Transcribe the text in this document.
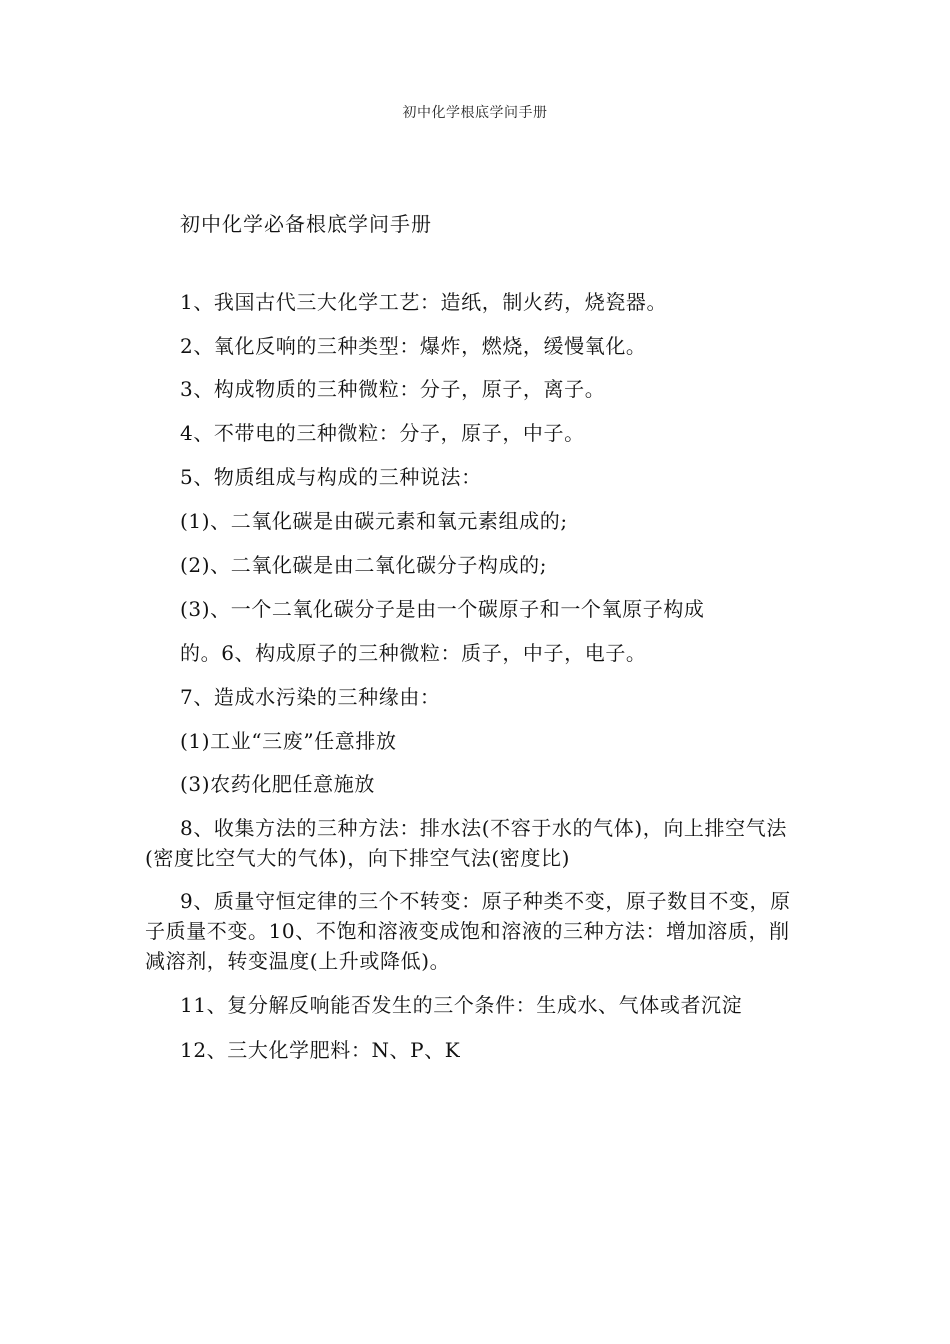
初中化学根底学问手册
初中化学必备根底学问手册
1、我国古代三大化学工艺：造纸，制火药，烧瓷器。
2、氧化反响的三种类型：爆炸，燃烧，缓慢氧化。
3、构成物质的三种微粒：分子，原子，离子。
4、不带电的三种微粒：分子，原子，中子。
5、物质组成与构成的三种说法：
(1)、二氧化碳是由碳元素和氧元素组成的;
(2)、二氧化碳是由二氧化碳分子构成的;
(3)、一个二氧化碳分子是由一个碳原子和一个氧原子构成
的。6、构成原子的三种微粒：质子，中子，电子。
7、造成水污染的三种缘由：
(1)工业“三废”任意排放
(3)农药化肥任意施放
8、收集方法的三种方法：排水法(不容于水的气体)，向上排空气法(密度比空气大的气体)，向下排空气法(密度比)
9、质量守恒定律的三个不转变：原子种类不变，原子数目不变，原子质量不变。10、不饱和溶液变成饱和溶液的三种方法：增加溶质，削减溶剂，转变温度(上升或降低)。
11、复分解反响能否发生的三个条件：生成水、气体或者沉淀
12、三大化学肥料：N、P、K
